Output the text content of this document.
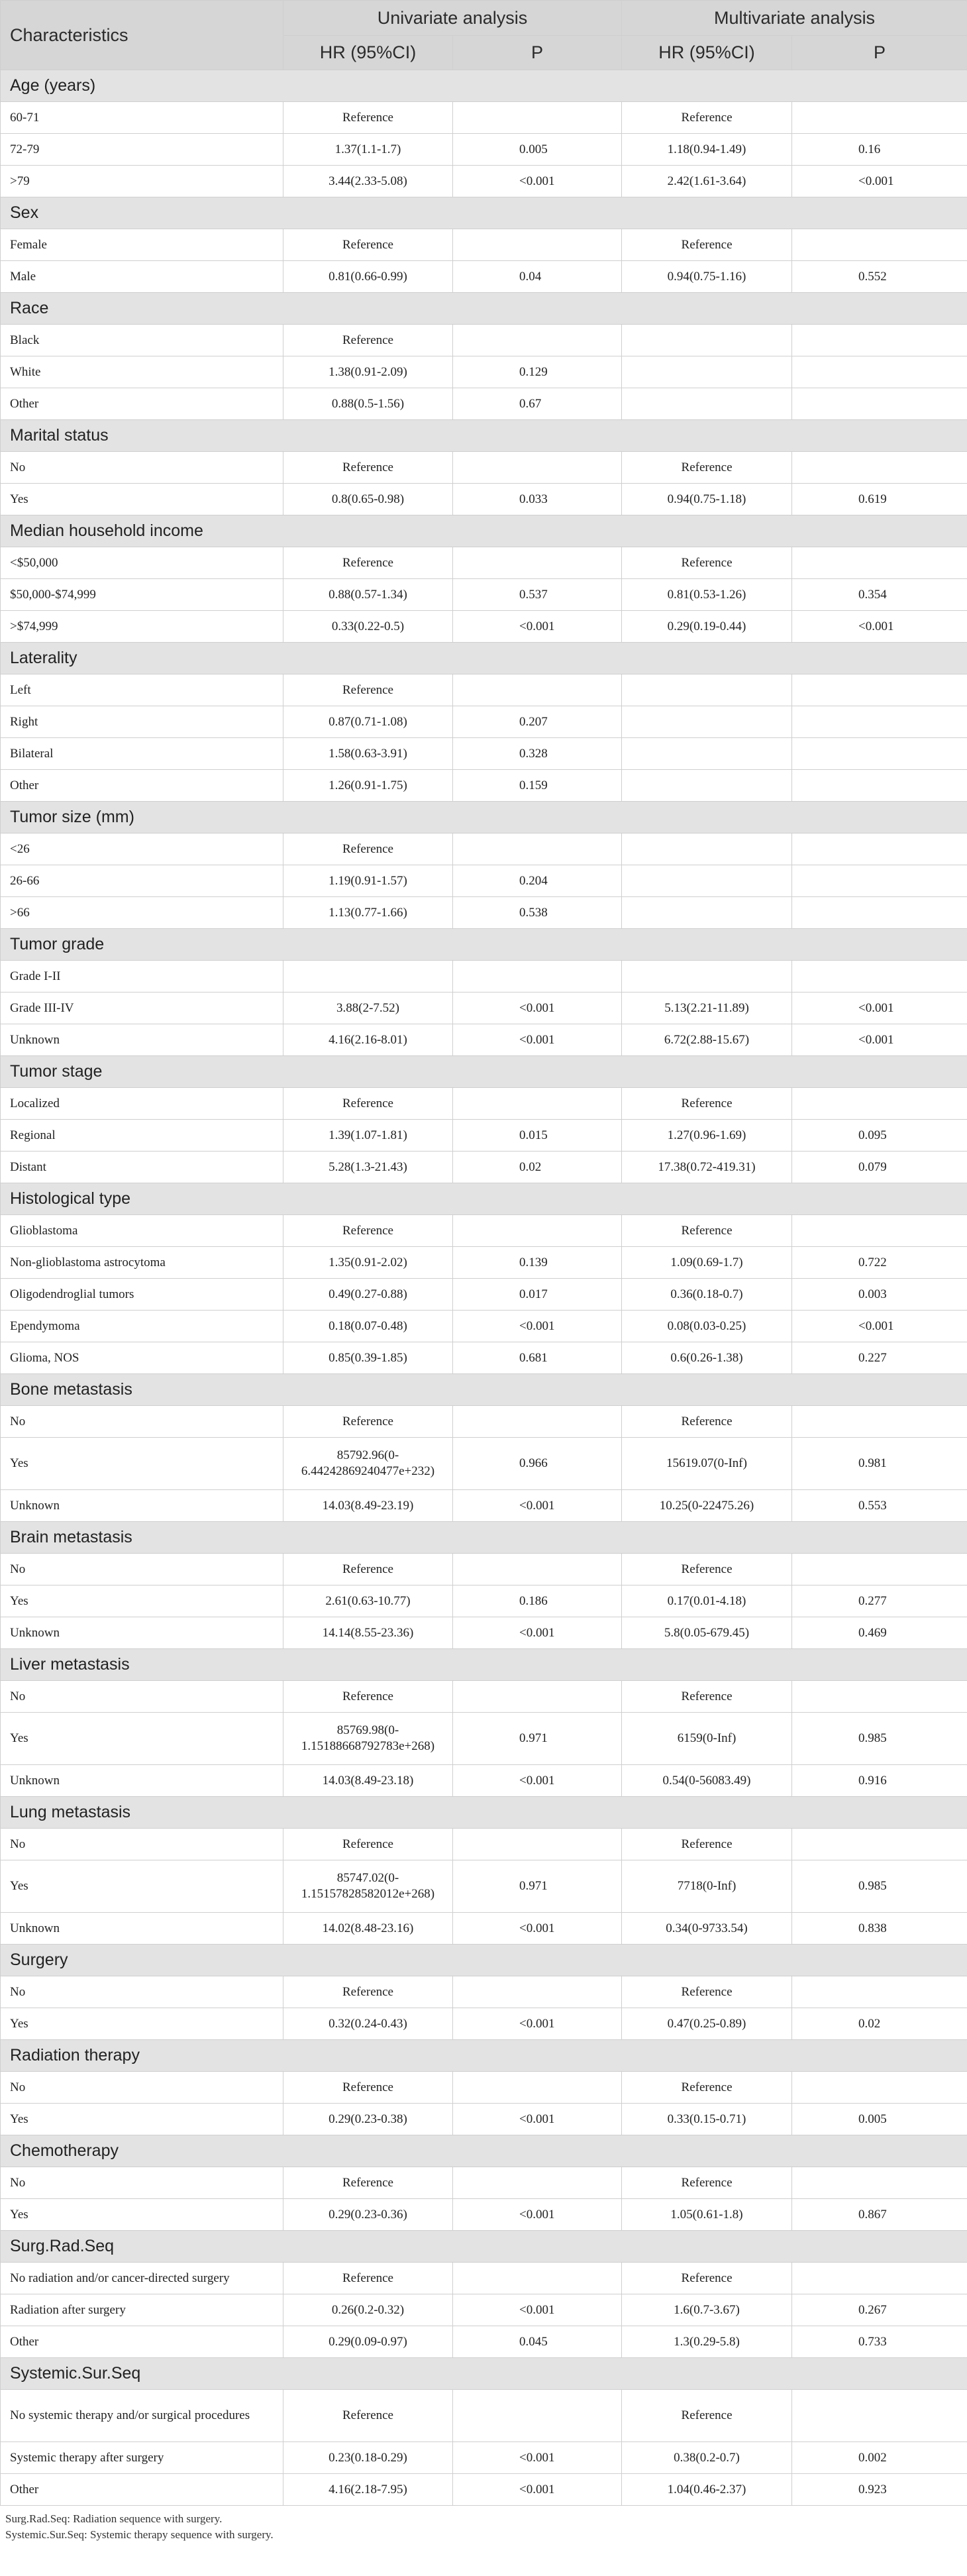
Characteristics	Univariate analysis		Multivariate analysis	
	HR (95%CI)	P	HR (95%CI)	P
Age (years)				
60-71	Reference		Reference	
72-79	1.37(1.1-1.7)	0.005	1.18(0.94-1.49)	0.16
>79	3.44(2.33-5.08)	<0.001	2.42(1.61-3.64)	<0.001
Sex				
Female	Reference		Reference	
Male	0.81(0.66-0.99)	0.04	0.94(0.75-1.16)	0.552
Race				
Black	Reference			
White	1.38(0.91-2.09)	0.129		
Other	0.88(0.5-1.56)	0.67		
Marital status				
No	Reference		Reference	
Yes	0.8(0.65-0.98)	0.033	0.94(0.75-1.18)	0.619
Median household income				
<$50,000	Reference		Reference	
$50,000-$74,999	0.88(0.57-1.34)	0.537	0.81(0.53-1.26)	0.354
>$74,999	0.33(0.22-0.5)	<0.001	0.29(0.19-0.44)	<0.001
Laterality				
Left	Reference			
Right	0.87(0.71-1.08)	0.207		
Bilateral	1.58(0.63-3.91)	0.328		
Other	1.26(0.91-1.75)	0.159		
Tumor size (mm)				
<26	Reference			
26-66	1.19(0.91-1.57)	0.204		
>66	1.13(0.77-1.66)	0.538		
Tumor grade				
Grade I-II				
Grade III-IV	3.88(2-7.52)	<0.001	5.13(2.21-11.89)	<0.001
Unknown	4.16(2.16-8.01)	<0.001	6.72(2.88-15.67)	<0.001
Tumor stage				
Localized	Reference		Reference	
Regional	1.39(1.07-1.81)	0.015	1.27(0.96-1.69)	0.095
Distant	5.28(1.3-21.43)	0.02	17.38(0.72-419.31)	0.079
Histological type				
Glioblastoma	Reference		Reference	
Non-glioblastoma astrocytoma	1.35(0.91-2.02)	0.139	1.09(0.69-1.7)	0.722
Oligodendroglial tumors	0.49(0.27-0.88)	0.017	0.36(0.18-0.7)	0.003
Ependymoma	0.18(0.07-0.48)	<0.001	0.08(0.03-0.25)	<0.001
Glioma, NOS	0.85(0.39-1.85)	0.681	0.6(0.26-1.38)	0.227
Bone metastasis				
No	Reference		Reference	
Yes	85792.96(0-6.44242869240477e+232)	0.966	15619.07(0-Inf)	0.981
Unknown	14.03(8.49-23.19)	<0.001	10.25(0-22475.26)	0.553
Brain metastasis				
No	Reference		Reference	
Yes	2.61(0.63-10.77)	0.186	0.17(0.01-4.18)	0.277
Unknown	14.14(8.55-23.36)	<0.001	5.8(0.05-679.45)	0.469
Liver metastasis				
No	Reference		Reference	
Yes	85769.98(0-1.15188668792783e+268)	0.971	6159(0-Inf)	0.985
Unknown	14.03(8.49-23.18)	<0.001	0.54(0-56083.49)	0.916
Lung metastasis				
No	Reference		Reference	
Yes	85747.02(0-1.15157828582012e+268)	0.971	7718(0-Inf)	0.985
Unknown	14.02(8.48-23.16)	<0.001	0.34(0-9733.54)	0.838
Surgery				
No	Reference		Reference	
Yes	0.32(0.24-0.43)	<0.001	0.47(0.25-0.89)	0.02
Radiation therapy				
No	Reference		Reference	
Yes	0.29(0.23-0.38)	<0.001	0.33(0.15-0.71)	0.005
Chemotherapy				
No	Reference		Reference	
Yes	0.29(0.23-0.36)	<0.001	1.05(0.61-1.8)	0.867
Surg.Rad.Seq				
No radiation and/or cancer-directed surgery	Reference		Reference	
Radiation after surgery	0.26(0.2-0.32)	<0.001	1.6(0.7-3.67)	0.267
Other	0.29(0.09-0.97)	0.045	1.3(0.29-5.8)	0.733
Systemic.Sur.Seq				
No systemic therapy and/or surgical procedures	Reference		Reference	
Systemic therapy after surgery	0.23(0.18-0.29)	<0.001	0.38(0.2-0.7)	0.002
Other	4.16(2.18-7.95)	<0.001	1.04(0.46-2.37)	0.923
Surg.Rad.Seq: Radiation sequence with surgery.
Systemic.Sur.Seq: Systemic therapy sequence with surgery.
